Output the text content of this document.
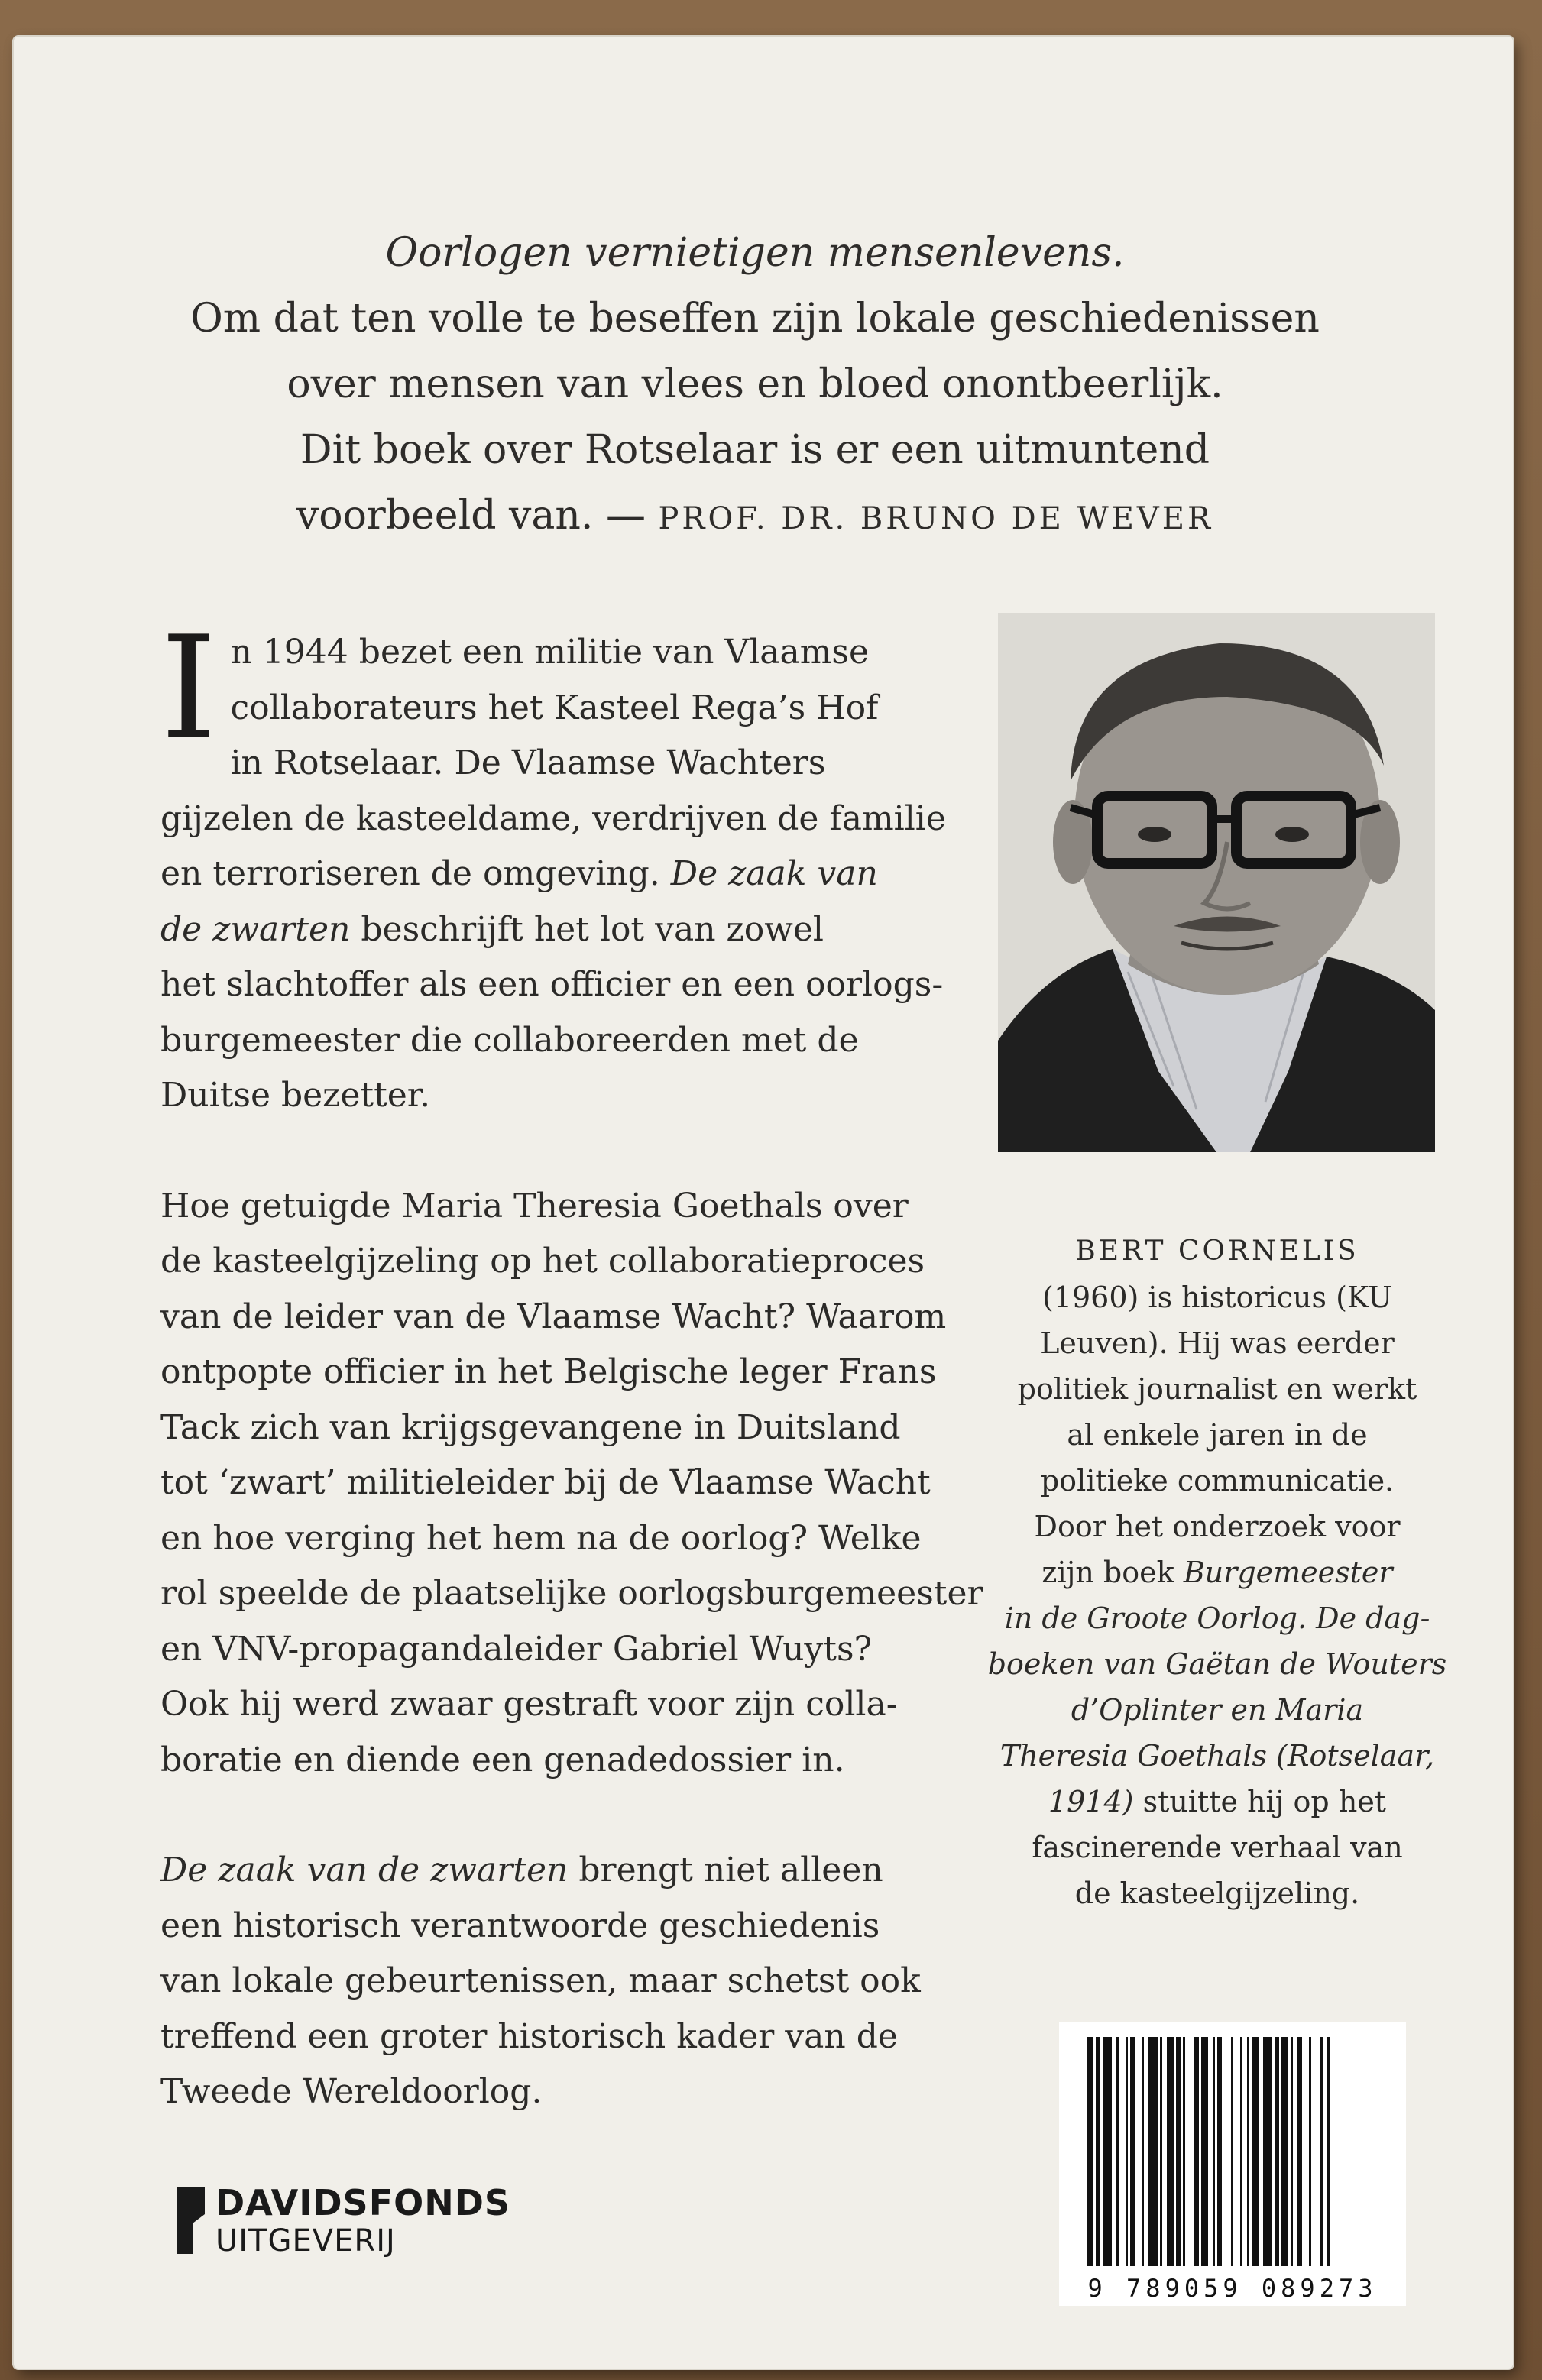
Oorlogen vernietigen mensenlevens.
Om dat ten volle te beseffen zijn lokale geschiedenissen
over mensen van vlees en bloed onontbeerlijk.
Dit boek over Rotselaar is er een uitmuntend
voorbeeld van. — PROF. DR. BRUNO DE WEVER

I n 1944 bezet een militie van Vlaamse
collaborateurs het Kasteel Rega’s Hof
in Rotselaar. De Vlaamse Wachters
gijzelen de kasteeldame, verdrijven de familie
en terroriseren de omgeving. De zaak van
de zwarten beschrijft het lot van zowel
het slachtoffer als een officier en een oorlogs-
burgemeester die collaboreerden met de
Duitse bezetter.

Hoe getuigde Maria Theresia Goethals over
de kasteelgijzeling op het collaboratieproces
van de leider van de Vlaamse Wacht? Waarom
ontpopte officier in het Belgische leger Frans
Tack zich van krijgsgevangene in Duitsland
tot ‘zwart’ militieleider bij de Vlaamse Wacht
en hoe verging het hem na de oorlog? Welke
rol speelde de plaatselijke oorlogsburgemeester
en VNV-propagandaleider Gabriel Wuyts?
Ook hij werd zwaar gestraft voor zijn colla-
boratie en diende een genadedossier in.

De zaak van de zwarten brengt niet alleen
een historisch verantwoorde geschiedenis
van lokale gebeurtenissen, maar schetst ook
treffend een groter historisch kader van de
Tweede Wereldoorlog.

BERT CORNELIS
(1960) is historicus (KU
Leuven). Hij was eerder
politiek journalist en werkt
al enkele jaren in de
politieke communicatie.
Door het onderzoek voor
zijn boek Burgemeester
in de Groote Oorlog. De dag-
boeken van Gaëtan de Wouters
d’Oplinter en Maria
Theresia Goethals (Rotselaar,
1914) stuitte hij op het
fascinerende verhaal van
de kasteelgijzeling.
9 789059 089273
DAVIDSFONDS
UITGEVERIJ
